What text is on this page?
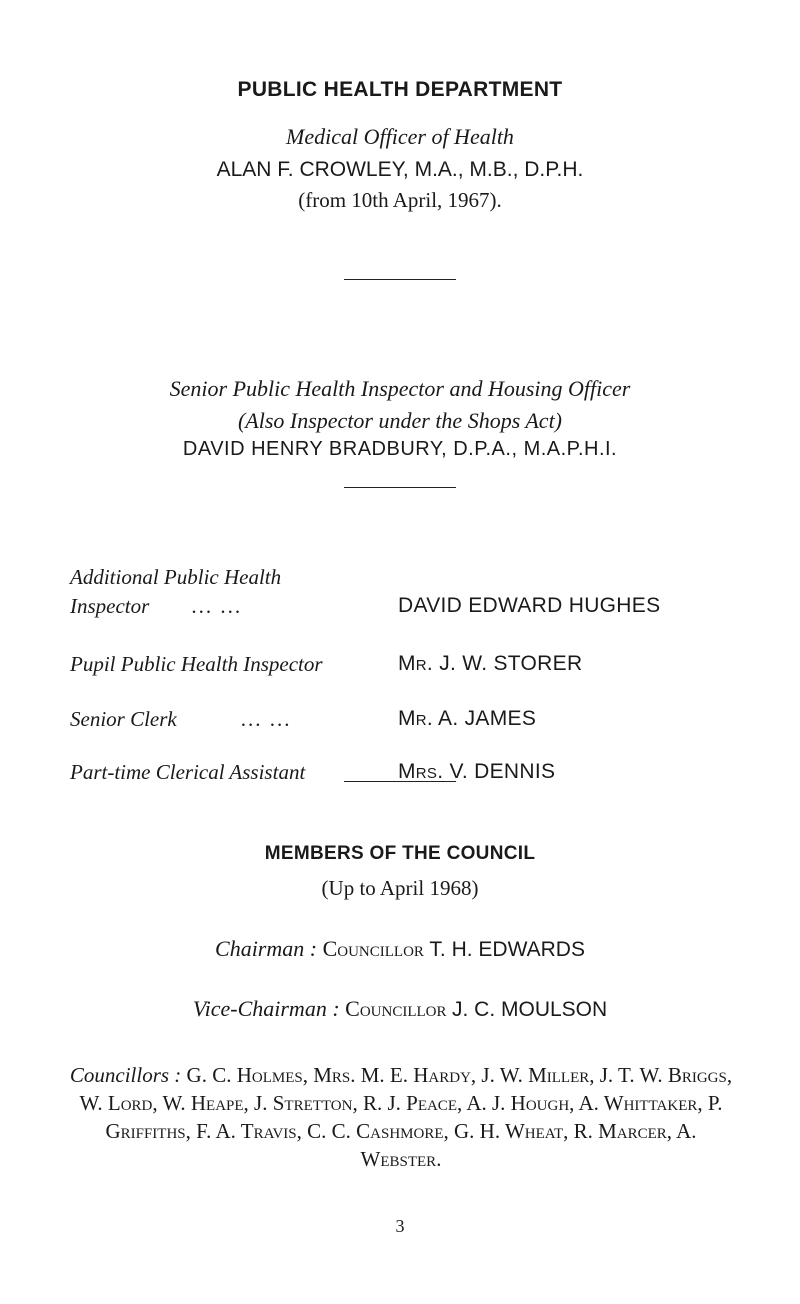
PUBLIC HEALTH DEPARTMENT
Medical Officer of Health
ALAN F. CROWLEY, M.A., M.B., D.P.H.
(from 10th April, 1967).
Senior Public Health Inspector and Housing Officer
(Also Inspector under the Shops Act)
DAVID HENRY BRADBURY, D.P.A., M.A.P.H.I.
Additional Public Health
Inspector ... ...	DAVID EDWARD HUGHES
Pupil Public Health Inspector	Mr. J. W. STORER
Senior Clerk	... ...	Mr. A. JAMES
Part-time Clerical Assistant	Mrs. V. DENNIS
MEMBERS OF THE COUNCIL
(Up to April 1968)
Chairman : Councillor T. H. EDWARDS
Vice-Chairman : Councillor J. C. MOULSON
Councillors : G. C. Holmes, Mrs. M. E. Hardy, J. W. Miller, J. T. W. Briggs, W. Lord, W. Heape, J. Stretton, R. J. Peace, A. J. Hough, A. Whittaker, P. Griffiths, F. A. Travis, C. C. Cashmore, G. H. Wheat, R. Marcer, A. Webster.
3
